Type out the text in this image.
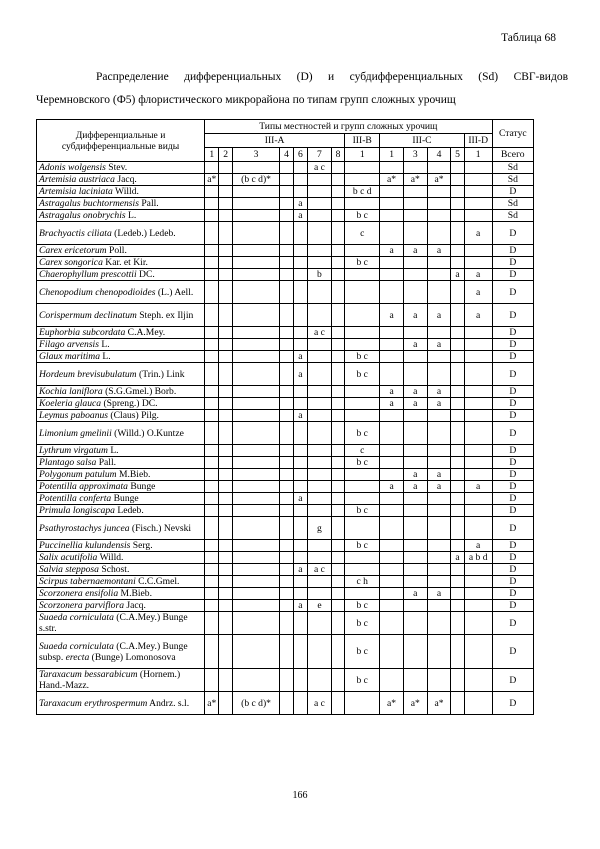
Таблица 68
Распределение дифференциальных (D) и субдифференциальных (Sd) СВГ-видов
Черемновского (Ф5) флористического микрорайона по типам групп сложных урочищ
Дифференциальные и субдифференциальные виды	Типы местностей и групп сложных урочищ													Статус
	III-A							III-B	III-C				III-D	
	1	2	3	4	6	7	8	1	1	3	4	5	1	Всего
Adonis wolgensis Stev.						a c								Sd
Artemisia austriaca Jacq.	a*		(b c d)*						a*	a*	a*			Sd
Artemisia laciniata Willd.								b c d						D
Astragalus buchtormensis Pall.					a									Sd
Astragalus onobrychis L.					a			b c						Sd
Brachyactis ciliata (Ledeb.) Ledeb.								c					a	D
Carex ericetorum Poll.									a	a	a			D
Carex songorica Kar. et Kir.								b c						D
Chaerophyllum prescottii DC.						b						a	a	D
Chenopodium chenopodioides (L.) Aell.													a	D
Corispermum declinatum Steph. ex Iljin									a	a	a		a	D
Euphorbia subcordata C.A.Mey.						a c								D
Filago arvensis L.										a	a			D
Glaux maritima L.					a			b c						D
Hordeum brevisubulatum (Trin.) Link					a			b c						D
Kochia laniflora (S.G.Gmel.) Borb.									a	a	a			D
Koeleria glauca (Spreng.) DC.									a	a	a			D
Leymus paboanus (Claus) Pilg.					a									D
Limonium gmelinii (Willd.) O.Kuntze								b c						D
Lythrum virgatum L.								c						D
Plantago salsa Pall.								b c						D
Polygonum patulum M.Bieb.										a	a			D
Potentilla approximata Bunge									a	a	a		a	D
Potentilla conferta Bunge					a									D
Primula longiscapa Ledeb.								b c						D
Psathyrostachys juncea (Fisch.) Nevski						g								D
Puccinellia kulundensis Serg.								b c					a	D
Salix acutifolia Willd.												a	a b d	D
Salvia stepposa Schost.					a	a c								D
Scirpus tabernaemontani C.C.Gmel.								c h						D
Scorzonera ensifolia M.Bieb.										a	a			D
Scorzonera parviflora Jacq.					a	e		b c						D
Suaeda corniculata (C.A.Mey.) Bunge s.str.								b c						D
Suaeda corniculata (C.A.Mey.) Bunge subsp. erecta (Bunge) Lomonosova								b c						D
Taraxacum bessarabicum (Hornem.) Hand.-Mazz.								b c						D
Taraxacum erythrospermum Andrz. s.l.	a*		(b c d)*			a c			a*	a*	a*			D
166
